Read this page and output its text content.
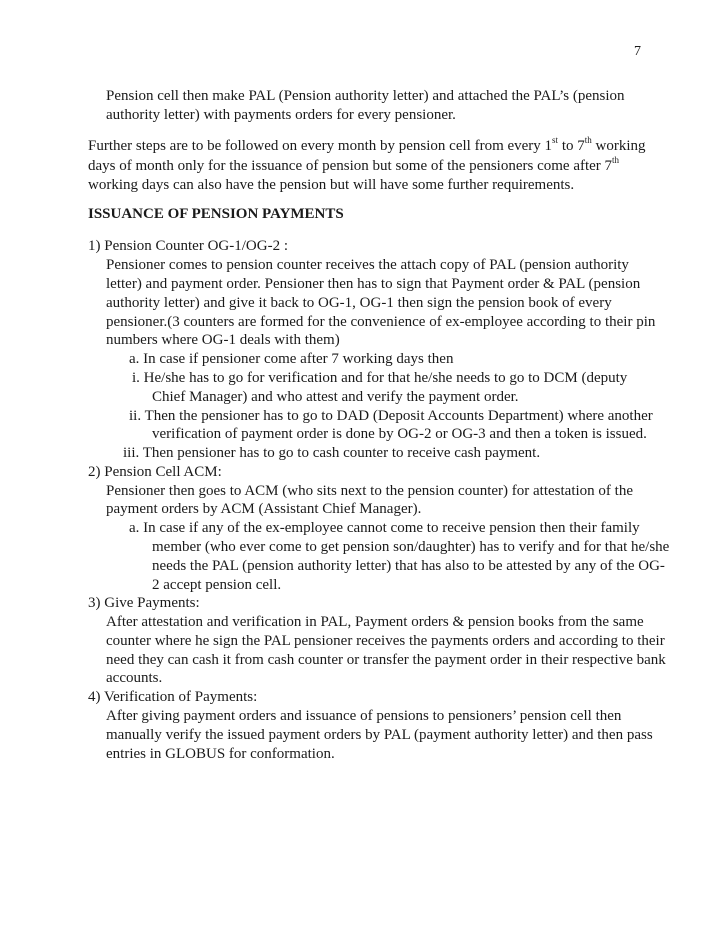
7
Pension cell then make PAL (Pension authority letter) and attached the PAL’s (pension
authority letter) with payments orders for every pensioner.
Further steps are to be followed on every month by pension cell from every 1st to 7th working
days of month only for the issuance of pension but some of the pensioners come after 7th
working days can also have the pension but will have some further requirements.
ISSUANCE OF PENSION PAYMENTS
1) Pension Counter OG-1/OG-2 :
Pensioner comes to pension counter receives the attach copy of PAL (pension authority
letter) and payment order. Pensioner then has to sign that Payment order & PAL (pension
authority letter) and give it back to OG-1, OG-1 then sign the pension book of every
pensioner.(3 counters are formed for the convenience of ex-employee according to their pin
numbers where OG-1 deals with them)
a. In case if pensioner come after 7 working days then
i. He/she has to go for verification and for that he/she needs to go to DCM (deputy
Chief Manager) and who attest and verify the payment order.
ii. Then the pensioner has to go to DAD (Deposit Accounts Department) where another
verification of payment order is done by OG-2 or OG-3 and then a token is issued.
iii. Then pensioner has to go to cash counter to receive cash payment.
2) Pension Cell ACM:
Pensioner then goes to ACM (who sits next to the pension counter) for attestation of the
payment orders by ACM (Assistant Chief Manager).
a. In case if any of the ex-employee cannot come to receive pension then their family
member (who ever come to get pension son/daughter) has to verify and for that he/she
needs the PAL (pension authority letter) that has also to be attested by any of the OG-
2 accept pension cell.
3) Give Payments:
After attestation and verification in PAL, Payment orders & pension books from the same
counter where he sign the PAL pensioner receives the payments orders and according to their
need they can cash it from cash counter or transfer the payment order in their respective bank
accounts.
4) Verification of Payments:
After giving payment orders and issuance of pensions to pensioners’ pension cell then
manually verify the issued payment orders by PAL (payment authority letter) and then pass
entries in GLOBUS for conformation.
